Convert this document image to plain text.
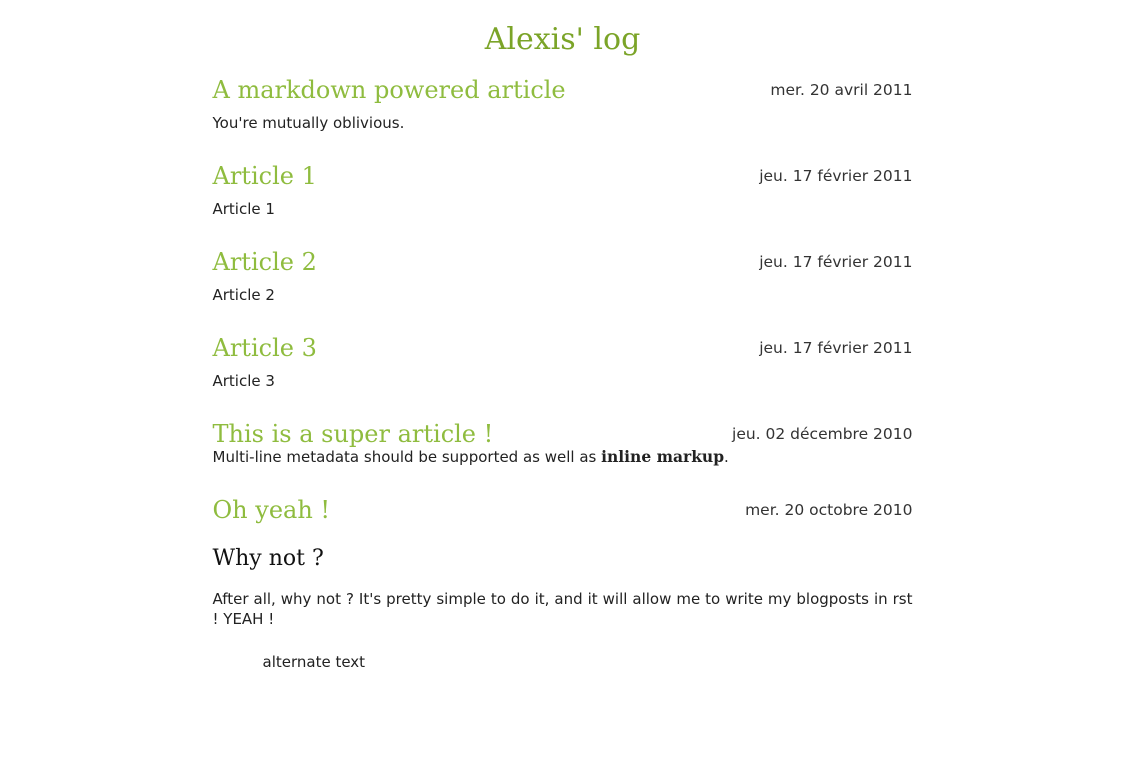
Alexis' log
A markdown powered article	mer. 20 avril 2011

You're mutually oblivious.

Article 1	jeu. 17 février 2011

Article 1

Article 2	jeu. 17 février 2011

Article 2

Article 3	jeu. 17 février 2011

Article 3

This is a super article !	jeu. 02 décembre 2010

Multi-line metadata should be supported as well as inline markup.

Oh yeah !	mer. 20 octobre 2010
Why not ?

After all, why not ? It's pretty simple to do it, and it will allow me to write my blogposts in rst ! YEAH !

alternate text
